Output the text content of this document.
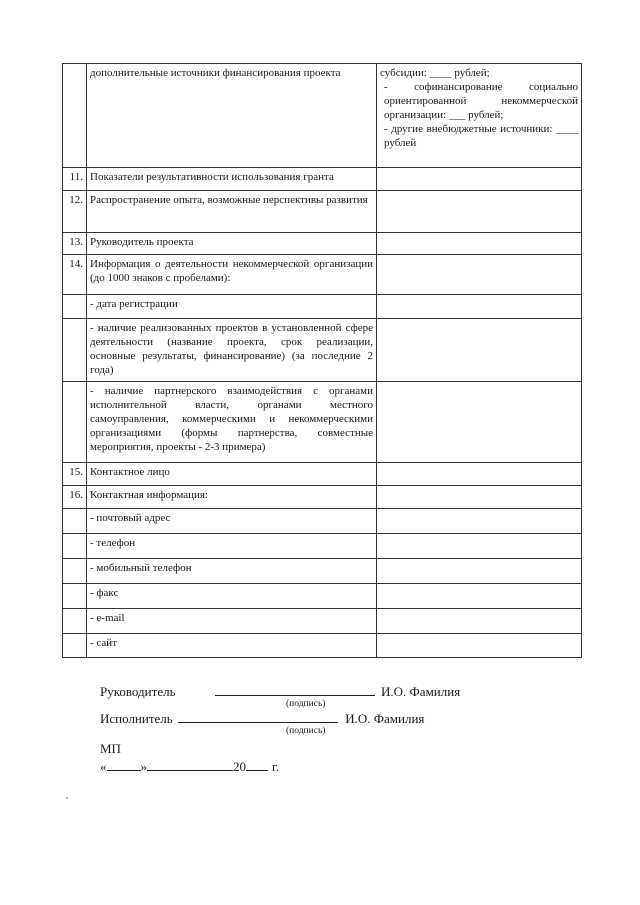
	дополнительные источники финансирования проекта	субсидии: ____ рублей;
- софинансирование социально ориентированной некоммерческой организации: ___ рублей;
- другие внебюджетные источники: ____ рублей

11.	Показатели результативности использования гранта	
12.	Распространение опыта, возможные перспективы развития	
13.	Руководитель проекта	
14.	Информация о деятельности некоммерческой организации (до 1000 знаков с пробелами):	
	- дата регистрации	
	- наличие реализованных проектов в установленной сфере деятельности (название проекта, срок реализации, основные результаты, финансирование) (за последние 2 года)	
	- наличие партнерского взаимодействия с органами исполнительной власти, органами местного самоуправления, коммерческими и некоммерческими организациями (формы партнерства, совместные мероприятия, проекты - 2-3 примера)	
15.	Контактное лицо	
16.	Контактная информация:	
	- почтовый адрес	
	- телефон	
	- мобильный телефон	
	- факс	
	- e-mail	
	- сайт	
Руководитель	И.О. Фамилия
(подпись)
Исполнитель	И.О. Фамилия
(подпись)
МП
«	»	20 г.
